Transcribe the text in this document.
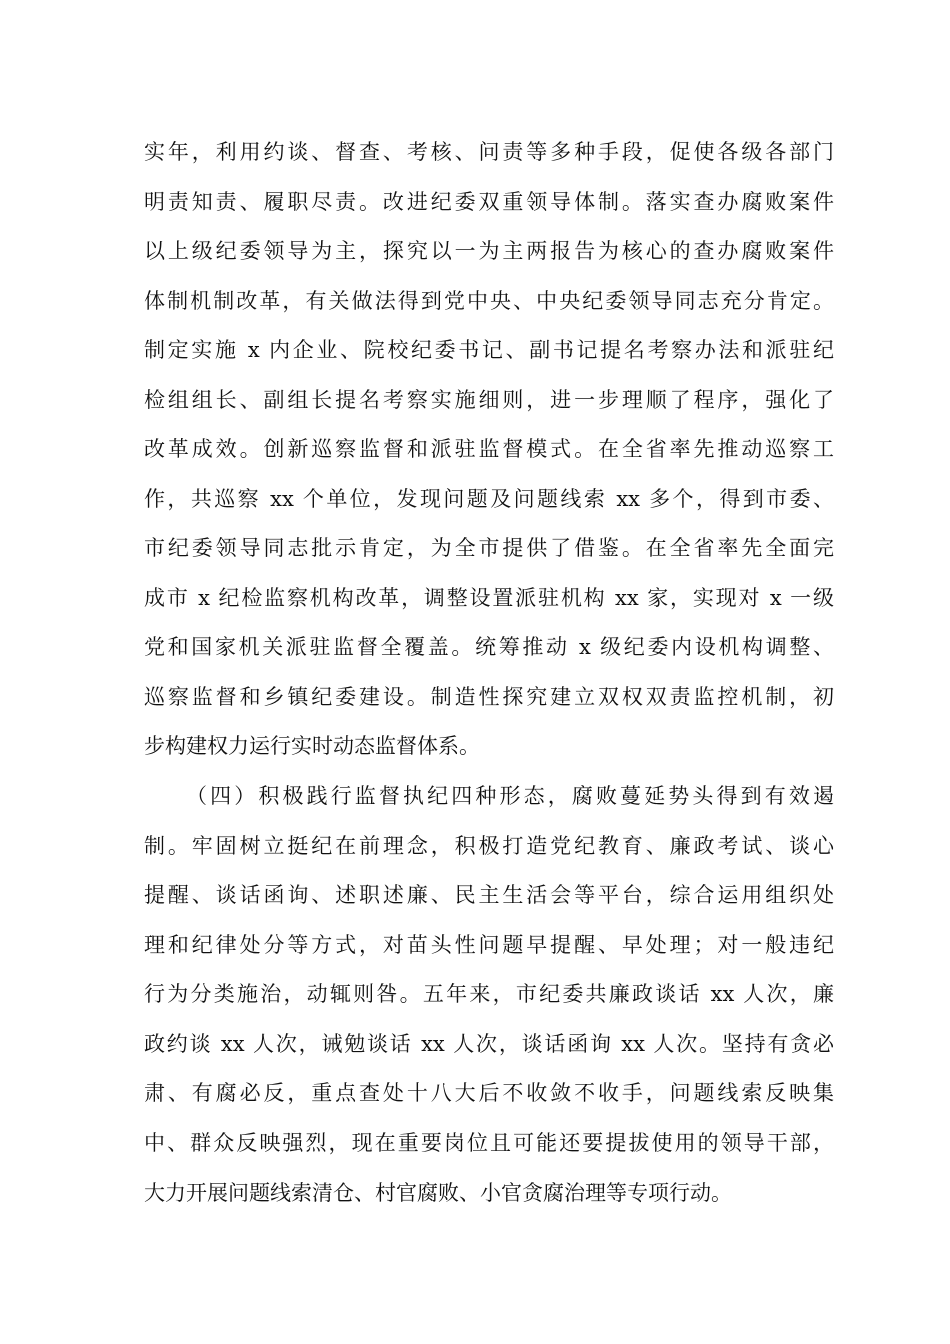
实年，利用约谈、督查、考核、问责等多种手段，促使各级各部门
明责知责、履职尽责。改进纪委双重领导体制。落实查办腐败案件
以上级纪委领导为主，探究以一为主两报告为核心的查办腐败案件
体制机制改革，有关做法得到党中央、中央纪委领导同志充分肯定。
制定实施 x 内企业、院校纪委书记、副书记提名考察办法和派驻纪
检组组长、副组长提名考察实施细则，进一步理顺了程序，强化了
改革成效。创新巡察监督和派驻监督模式。在全省率先推动巡察工
作，共巡察 xx 个单位，发现问题及问题线索 xx 多个，得到市委、
市纪委领导同志批示肯定，为全市提供了借鉴。在全省率先全面完
成市 x 纪检监察机构改革，调整设置派驻机构 xx 家，实现对 x 一级
党和国家机关派驻监督全覆盖。统筹推动 x 级纪委内设机构调整、
巡察监督和乡镇纪委建设。制造性探究建立双权双责监控机制，初
步构建权力运行实时动态监督体系。
（四）积极践行监督执纪四种形态，腐败蔓延势头得到有效遏
制。牢固树立挺纪在前理念，积极打造党纪教育、廉政考试、谈心
提醒、谈话函询、述职述廉、民主生活会等平台，综合运用组织处
理和纪律处分等方式，对苗头性问题早提醒、早处理；对一般违纪
行为分类施治，动辄则咎。五年来，市纪委共廉政谈话 xx 人次，廉
政约谈 xx 人次，诫勉谈话 xx 人次，谈话函询 xx 人次。坚持有贪必
肃、有腐必反，重点查处十八大后不收敛不收手，问题线索反映集
中、群众反映强烈，现在重要岗位且可能还要提拔使用的领导干部，
大力开展问题线索清仓、村官腐败、小官贪腐治理等专项行动。
